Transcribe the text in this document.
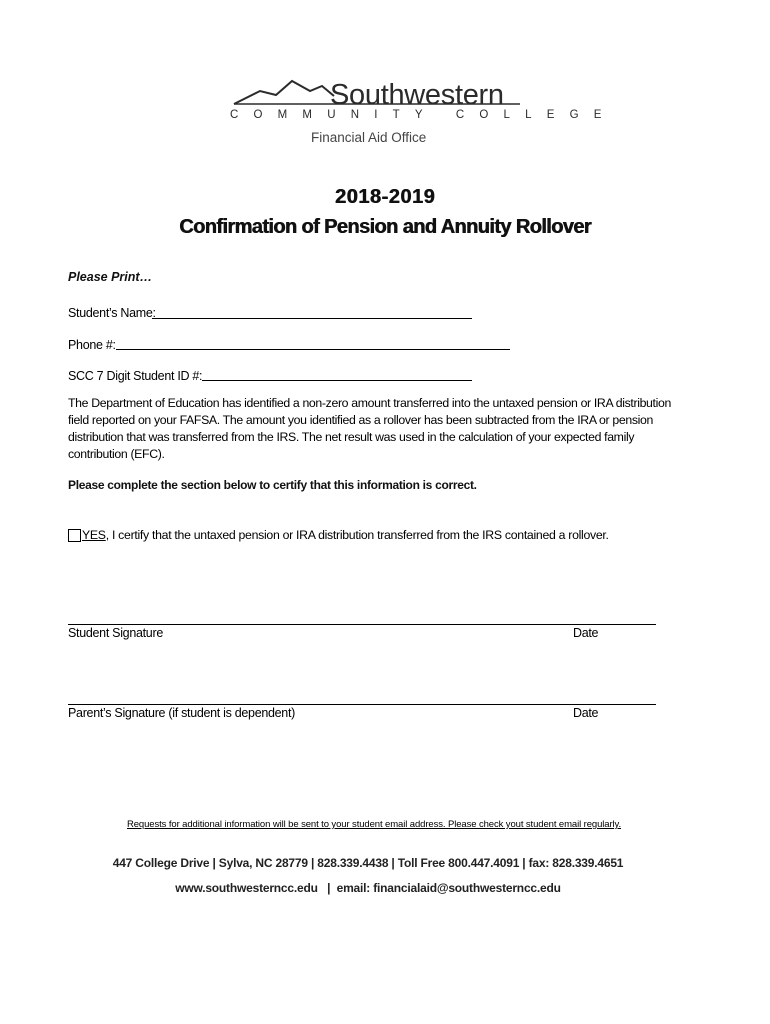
Southwestern
COMMUNITY COLLEGE
Financial Aid Office
2018-2019
Confirmation of Pension and Annuity Rollover
Please Print…
Student’s Name:
Phone #:
SCC 7 Digit Student ID #:
The Department of Education has identified a non-zero amount transferred into the untaxed pension or IRA distribution field reported on your FAFSA. The amount you identified as a rollover has been subtracted from the IRA or pension distribution that was transferred from the IRS. The net result was used in the calculation of your expected family contribution (EFC).
Please complete the section below to certify that this information is correct.
YES, I certify that the untaxed pension or IRA distribution transferred from the IRS contained a rollover.
Student Signature	Date
Parent’s Signature (if student is dependent)	Date
Requests for additional information will be sent to your student email address. Please check yout student email regularly.
447 College Drive | Sylva, NC 28779 | 828.339.4438 | Toll Free 800.447.4091 | fax: 828.339.4651
www.southwesterncc.edu   |  email: financialaid@southwesterncc.edu
